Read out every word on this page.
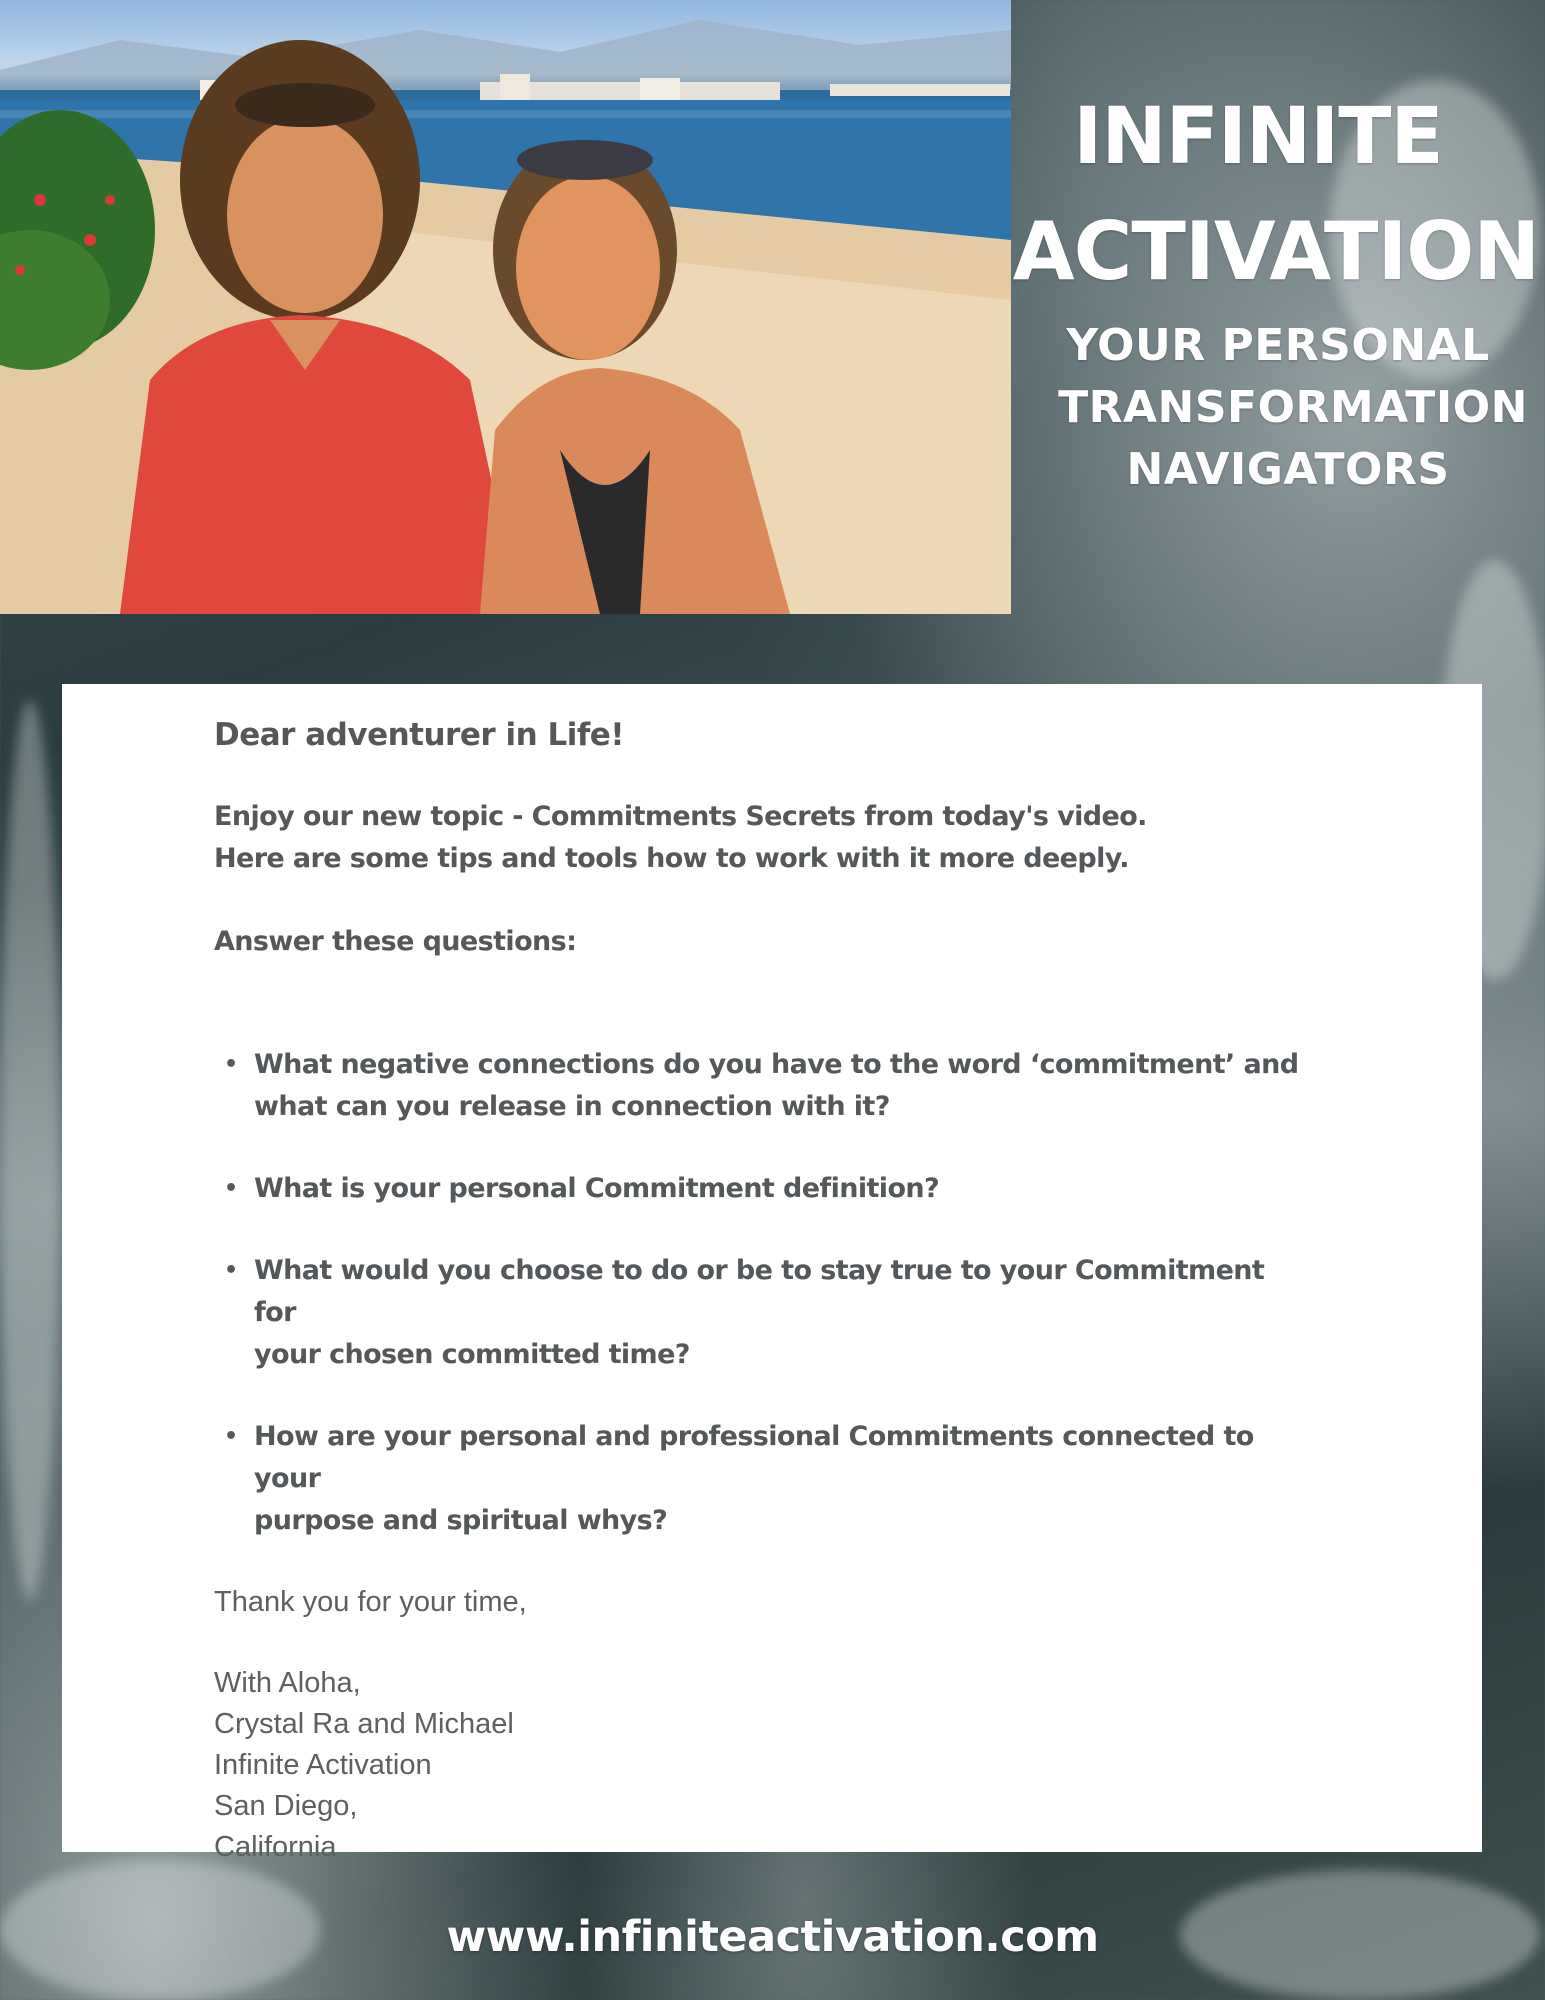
INFINITE
ACTIVATION
YOUR PERSONAL
TRANSFORMATION
NAVIGATORS

Dear adventurer in Life!

Enjoy our new topic - Commitments Secrets from today's video.
Here are some tips and tools how to work with it more deeply.

Answer these questions:

• What negative connections do you have to the word ‘commitment’ and
what can you release in connection with it?
• What is your personal Commitment definition?
• What would you choose to do or be to stay true to your Commitment for
your chosen committed time?
• How are your personal and professional Commitments connected to your
purpose and spiritual whys?

Thank you for your time,

With Aloha,
Crystal Ra and Michael
Infinite Activation
San Diego,
California
www.infiniteactivation.com
